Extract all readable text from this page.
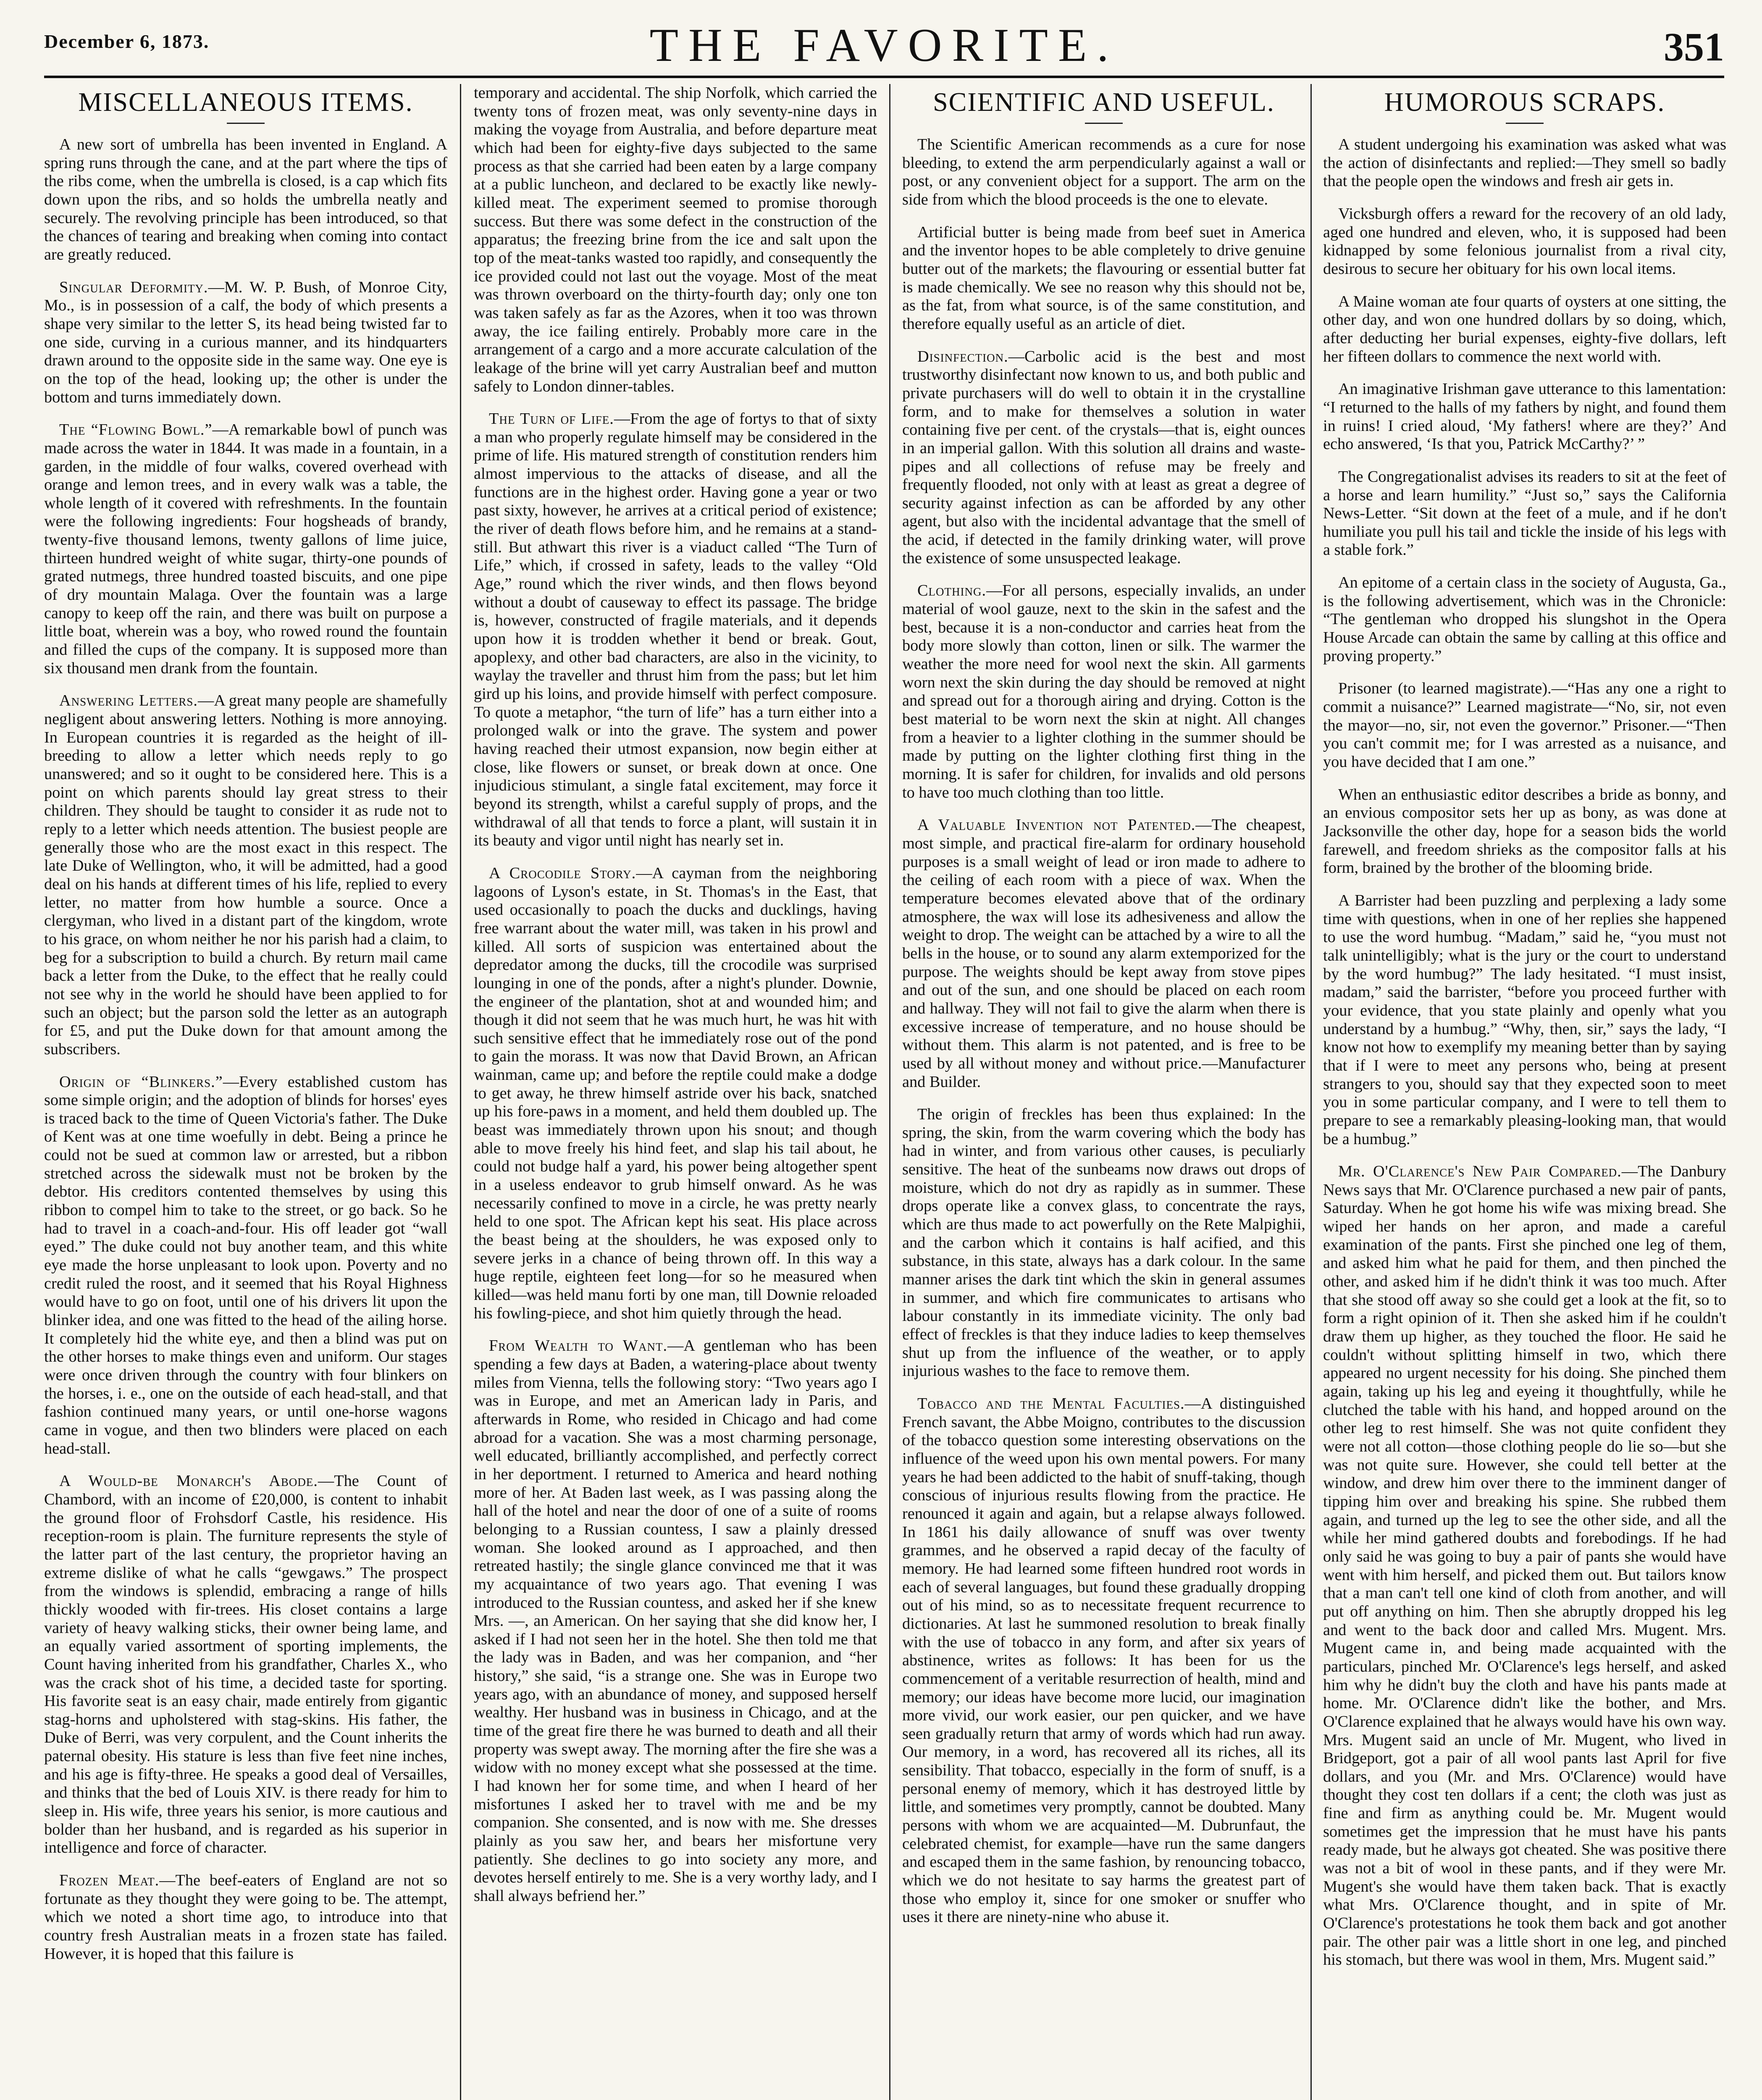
December 6, 1873.	THE FAVORITE.	351
MISCELLANEOUS ITEMS.

A new sort of umbrella has been invented in England. A spring runs through the cane, and at the part where the tips of the ribs come, when the umbrella is closed, is a cap which fits down upon the ribs, and so holds the umbrella neatly and securely. The revolving principle has been introduced, so that the chances of tearing and breaking when coming into contact are greatly reduced.

Singular Deformity.—M. W. P. Bush, of Monroe City, Mo., is in possession of a calf, the body of which presents a shape very similar to the letter S, its head being twisted far to one side, curving in a curious manner, and its hindquarters drawn around to the opposite side in the same way. One eye is on the top of the head, looking up; the other is under the bottom and turns immediately down.

The “Flowing Bowl.”—A remarkable bowl of punch was made across the water in 1844. It was made in a fountain, in a garden, in the middle of four walks, covered overhead with orange and lemon trees, and in every walk was a table, the whole length of it covered with refreshments. In the fountain were the following ingredients: Four hogsheads of brandy, twenty-five thousand lemons, twenty gallons of lime juice, thirteen hundred weight of white sugar, thirty-one pounds of grated nutmegs, three hundred toasted biscuits, and one pipe of dry mountain Malaga. Over the fountain was a large canopy to keep off the rain, and there was built on purpose a little boat, wherein was a boy, who rowed round the fountain and filled the cups of the company. It is supposed more than six thousand men drank from the fountain.

Answering Letters.—A great many people are shamefully negligent about answering letters. Nothing is more annoying. In European countries it is regarded as the height of ill-breeding to allow a letter which needs reply to go unanswered; and so it ought to be considered here. This is a point on which parents should lay great stress to their children. They should be taught to consider it as rude not to reply to a letter which needs attention. The busiest people are generally those who are the most exact in this respect. The late Duke of Wellington, who, it will be admitted, had a good deal on his hands at different times of his life, replied to every letter, no matter from how humble a source. Once a clergyman, who lived in a distant part of the kingdom, wrote to his grace, on whom neither he nor his parish had a claim, to beg for a subscription to build a church. By return mail came back a letter from the Duke, to the effect that he really could not see why in the world he should have been applied to for such an object; but the parson sold the letter as an autograph for £5, and put the Duke down for that amount among the subscribers.

Origin of “Blinkers.”—Every established custom has some simple origin; and the adoption of blinds for horses' eyes is traced back to the time of Queen Victoria's father. The Duke of Kent was at one time woefully in debt. Being a prince he could not be sued at common law or arrested, but a ribbon stretched across the sidewalk must not be broken by the debtor. His creditors contented themselves by using this ribbon to compel him to take to the street, or go back. So he had to travel in a coach-and-four. His off leader got “wall eyed.” The duke could not buy another team, and this white eye made the horse unpleasant to look upon. Poverty and no credit ruled the roost, and it seemed that his Royal Highness would have to go on foot, until one of his drivers lit upon the blinker idea, and one was fitted to the head of the ailing horse. It completely hid the white eye, and then a blind was put on the other horses to make things even and uniform. Our stages were once driven through the country with four blinkers on the horses, i. e., one on the outside of each head-stall, and that fashion continued many years, or until one-horse wagons came in vogue, and then two blinders were placed on each head-stall.

A Would-be Monarch's Abode.—The Count of Chambord, with an income of £20,000, is content to inhabit the ground floor of Frohsdorf Castle, his residence. His reception-room is plain. The furniture represents the style of the latter part of the last century, the proprietor having an extreme dislike of what he calls “gewgaws.” The prospect from the windows is splendid, embracing a range of hills thickly wooded with fir-trees. His closet contains a large variety of heavy walking sticks, their owner being lame, and an equally varied assortment of sporting implements, the Count having inherited from his grandfather, Charles X., who was the crack shot of his time, a decided taste for sporting. His favorite seat is an easy chair, made entirely from gigantic stag-horns and upholstered with stag-skins. His father, the Duke of Berri, was very corpulent, and the Count inherits the paternal obesity. His stature is less than five feet nine inches, and his age is fifty-three. He speaks a good deal of Versailles, and thinks that the bed of Louis XIV. is there ready for him to sleep in. His wife, three years his senior, is more cautious and bolder than her husband, and is regarded as his superior in intelligence and force of character.

Frozen Meat.—The beef-eaters of England are not so fortunate as they thought they were going to be. The attempt, which we noted a short time ago, to introduce into that country fresh Australian meats in a frozen state has failed. However, it is hoped that this failure is

temporary and accidental. The ship Norfolk, which carried the twenty tons of frozen meat, was only seventy-nine days in making the voyage from Australia, and before departure meat which had been for eighty-five days subjected to the same process as that she carried had been eaten by a large company at a public luncheon, and declared to be exactly like newly-killed meat. The experiment seemed to promise thorough success. But there was some defect in the construction of the apparatus; the freezing brine from the ice and salt upon the top of the meat-tanks wasted too rapidly, and consequently the ice provided could not last out the voyage. Most of the meat was thrown overboard on the thirty-fourth day; only one ton was taken safely as far as the Azores, when it too was thrown away, the ice failing entirely. Probably more care in the arrangement of a cargo and a more accurate calculation of the leakage of the brine will yet carry Australian beef and mutton safely to London dinner-tables.

The Turn of Life.—From the age of fortys to that of sixty a man who properly regulate himself may be considered in the prime of life. His matured strength of constitution renders him almost impervious to the attacks of disease, and all the functions are in the highest order. Having gone a year or two past sixty, however, he arrives at a critical period of existence; the river of death flows before him, and he remains at a stand-still. But athwart this river is a viaduct called “The Turn of Life,” which, if crossed in safety, leads to the valley “Old Age,” round which the river winds, and then flows beyond without a doubt of causeway to effect its passage. The bridge is, however, constructed of fragile materials, and it depends upon how it is trodden whether it bend or break. Gout, apoplexy, and other bad characters, are also in the vicinity, to waylay the traveller and thrust him from the pass; but let him gird up his loins, and provide himself with perfect composure. To quote a metaphor, “the turn of life” has a turn either into a prolonged walk or into the grave. The system and power having reached their utmost expansion, now begin either at close, like flowers or sunset, or break down at once. One injudicious stimulant, a single fatal excitement, may force it beyond its strength, whilst a careful supply of props, and the withdrawal of all that tends to force a plant, will sustain it in its beauty and vigor until night has nearly set in.

A Crocodile Story.—A cayman from the neighboring lagoons of Lyson's estate, in St. Thomas's in the East, that used occasionally to poach the ducks and ducklings, having free warrant about the water mill, was taken in his prowl and killed. All sorts of suspicion was entertained about the depredator among the ducks, till the crocodile was surprised lounging in one of the ponds, after a night's plunder. Downie, the engineer of the plantation, shot at and wounded him; and though it did not seem that he was much hurt, he was hit with such sensitive effect that he immediately rose out of the pond to gain the morass. It was now that David Brown, an African wainman, came up; and before the reptile could make a dodge to get away, he threw himself astride over his back, snatched up his fore-paws in a moment, and held them doubled up. The beast was immediately thrown upon his snout; and though able to move freely his hind feet, and slap his tail about, he could not budge half a yard, his power being altogether spent in a useless endeavor to grub himself onward. As he was necessarily confined to move in a circle, he was pretty nearly held to one spot. The African kept his seat. His place across the beast being at the shoulders, he was exposed only to severe jerks in a chance of being thrown off. In this way a huge reptile, eighteen feet long—for so he measured when killed—was held manu forti by one man, till Downie reloaded his fowling-piece, and shot him quietly through the head.

From Wealth to Want.—A gentleman who has been spending a few days at Baden, a watering-place about twenty miles from Vienna, tells the following story: “Two years ago I was in Europe, and met an American lady in Paris, and afterwards in Rome, who resided in Chicago and had come abroad for a vacation. She was a most charming personage, well educated, brilliantly accomplished, and perfectly correct in her deportment. I returned to America and heard nothing more of her. At Baden last week, as I was passing along the hall of the hotel and near the door of one of a suite of rooms belonging to a Russian countess, I saw a plainly dressed woman. She looked around as I approached, and then retreated hastily; the single glance convinced me that it was my acquaintance of two years ago. That evening I was introduced to the Russian countess, and asked her if she knew Mrs. —, an American. On her saying that she did know her, I asked if I had not seen her in the hotel. She then told me that the lady was in Baden, and was her companion, and “her history,” she said, “is a strange one. She was in Europe two years ago, with an abundance of money, and supposed herself wealthy. Her husband was in business in Chicago, and at the time of the great fire there he was burned to death and all their property was swept away. The morning after the fire she was a widow with no money except what she possessed at the time. I had known her for some time, and when I heard of her misfortunes I asked her to travel with me and be my companion. She consented, and is now with me. She dresses plainly as you saw her, and bears her misfortune very patiently. She declines to go into society any more, and devotes herself entirely to me. She is a very worthy lady, and I shall always befriend her.”

SCIENTIFIC AND USEFUL.

The Scientific American recommends as a cure for nose bleeding, to extend the arm perpendicularly against a wall or post, or any convenient object for a support. The arm on the side from which the blood proceeds is the one to elevate.

Artificial butter is being made from beef suet in America and the inventor hopes to be able completely to drive genuine butter out of the markets; the flavouring or essential butter fat is made chemically. We see no reason why this should not be, as the fat, from what source, is of the same constitution, and therefore equally useful as an article of diet.

Disinfection.—Carbolic acid is the best and most trustworthy disinfectant now known to us, and both public and private purchasers will do well to obtain it in the crystalline form, and to make for themselves a solution in water containing five per cent. of the crystals—that is, eight ounces in an imperial gallon. With this solution all drains and waste-pipes and all collections of refuse may be freely and frequently flooded, not only with at least as great a degree of security against infection as can be afforded by any other agent, but also with the incidental advantage that the smell of the acid, if detected in the family drinking water, will prove the existence of some unsuspected leakage.

Clothing.—For all persons, especially invalids, an under material of wool gauze, next to the skin in the safest and the best, because it is a non-conductor and carries heat from the body more slowly than cotton, linen or silk. The warmer the weather the more need for wool next the skin. All garments worn next the skin during the day should be removed at night and spread out for a thorough airing and drying. Cotton is the best material to be worn next the skin at night. All changes from a heavier to a lighter clothing in the summer should be made by putting on the lighter clothing first thing in the morning. It is safer for children, for invalids and old persons to have too much clothing than too little.

A Valuable Invention not Patented.—The cheapest, most simple, and practical fire-alarm for ordinary household purposes is a small weight of lead or iron made to adhere to the ceiling of each room with a piece of wax. When the temperature becomes elevated above that of the ordinary atmosphere, the wax will lose its adhesiveness and allow the weight to drop. The weight can be attached by a wire to all the bells in the house, or to sound any alarm extemporized for the purpose. The weights should be kept away from stove pipes and out of the sun, and one should be placed on each room and hallway. They will not fail to give the alarm when there is excessive increase of temperature, and no house should be without them. This alarm is not patented, and is free to be used by all without money and without price.—Manufacturer and Builder.

The origin of freckles has been thus explained: In the spring, the skin, from the warm covering which the body has had in winter, and from various other causes, is peculiarly sensitive. The heat of the sunbeams now draws out drops of moisture, which do not dry as rapidly as in summer. These drops operate like a convex glass, to concentrate the rays, which are thus made to act powerfully on the Rete Malpighii, and the carbon which it contains is half acified, and this substance, in this state, always has a dark colour. In the same manner arises the dark tint which the skin in general assumes in summer, and which fire communicates to artisans who labour constantly in its immediate vicinity. The only bad effect of freckles is that they induce ladies to keep themselves shut up from the influence of the weather, or to apply injurious washes to the face to remove them.

Tobacco and the Mental Faculties.—A distinguished French savant, the Abbe Moigno, contributes to the discussion of the tobacco question some interesting observations on the influence of the weed upon his own mental powers. For many years he had been addicted to the habit of snuff-taking, though conscious of injurious results flowing from the practice. He renounced it again and again, but a relapse always followed. In 1861 his daily allowance of snuff was over twenty grammes, and he observed a rapid decay of the faculty of memory. He had learned some fifteen hundred root words in each of several languages, but found these gradually dropping out of his mind, so as to necessitate frequent recurrence to dictionaries. At last he summoned resolution to break finally with the use of tobacco in any form, and after six years of abstinence, writes as follows: It has been for us the commencement of a veritable resurrection of health, mind and memory; our ideas have become more lucid, our imagination more vivid, our work easier, our pen quicker, and we have seen gradually return that army of words which had run away. Our memory, in a word, has recovered all its riches, all its sensibility. That tobacco, especially in the form of snuff, is a personal enemy of memory, which it has destroyed little by little, and sometimes very promptly, cannot be doubted. Many persons with whom we are acquainted—M. Dubrunfaut, the celebrated chemist, for example—have run the same dangers and escaped them in the same fashion, by renouncing tobacco, which we do not hesitate to say harms the greatest part of those who employ it, since for one smoker or snuffer who uses it there are ninety-nine who abuse it.

HUMOROUS SCRAPS.

A student undergoing his examination was asked what was the action of disinfectants and replied:—They smell so badly that the people open the windows and fresh air gets in.

Vicksburgh offers a reward for the recovery of an old lady, aged one hundred and eleven, who, it is supposed had been kidnapped by some felonious journalist from a rival city, desirous to secure her obituary for his own local items.

A Maine woman ate four quarts of oysters at one sitting, the other day, and won one hundred dollars by so doing, which, after deducting her burial expenses, eighty-five dollars, left her fifteen dollars to commence the next world with.

An imaginative Irishman gave utterance to this lamentation: “I returned to the halls of my fathers by night, and found them in ruins! I cried aloud, ‘My fathers! where are they?’ And echo answered, ‘Is that you, Patrick McCarthy?’ ”

The Congregationalist advises its readers to sit at the feet of a horse and learn humility.” “Just so,” says the California News-Letter. “Sit down at the feet of a mule, and if he don't humiliate you pull his tail and tickle the inside of his legs with a stable fork.”

An epitome of a certain class in the society of Augusta, Ga., is the following advertisement, which was in the Chronicle: “The gentleman who dropped his slungshot in the Opera House Arcade can obtain the same by calling at this office and proving property.”

Prisoner (to learned magistrate).—“Has any one a right to commit a nuisance?” Learned magistrate—“No, sir, not even the mayor—no, sir, not even the governor.” Prisoner.—“Then you can't commit me; for I was arrested as a nuisance, and you have decided that I am one.”

When an enthusiastic editor describes a bride as bonny, and an envious compositor sets her up as bony, as was done at Jacksonville the other day, hope for a season bids the world farewell, and freedom shrieks as the compositor falls at his form, brained by the brother of the blooming bride.

A Barrister had been puzzling and perplexing a lady some time with questions, when in one of her replies she happened to use the word humbug. “Madam,” said he, “you must not talk unintelligibly; what is the jury or the court to understand by the word humbug?” The lady hesitated. “I must insist, madam,” said the barrister, “before you proceed further with your evidence, that you state plainly and openly what you understand by a humbug.” “Why, then, sir,” says the lady, “I know not how to exemplify my meaning better than by saying that if I were to meet any persons who, being at present strangers to you, should say that they expected soon to meet you in some particular company, and I were to tell them to prepare to see a remarkably pleasing-looking man, that would be a humbug.”

Mr. O'Clarence's New Pair Compared.—The Danbury News says that Mr. O'Clarence purchased a new pair of pants, Saturday. When he got home his wife was mixing bread. She wiped her hands on her apron, and made a careful examination of the pants. First she pinched one leg of them, and asked him what he paid for them, and then pinched the other, and asked him if he didn't think it was too much. After that she stood off away so she could get a look at the fit, so to form a right opinion of it. Then she asked him if he couldn't draw them up higher, as they touched the floor. He said he couldn't without splitting himself in two, which there appeared no urgent necessity for his doing. She pinched them again, taking up his leg and eyeing it thoughtfully, while he clutched the table with his hand, and hopped around on the other leg to rest himself. She was not quite confident they were not all cotton—those clothing people do lie so—but she was not quite sure. However, she could tell better at the window, and drew him over there to the imminent danger of tipping him over and breaking his spine. She rubbed them again, and turned up the leg to see the other side, and all the while her mind gathered doubts and forebodings. If he had only said he was going to buy a pair of pants she would have went with him herself, and picked them out. But tailors know that a man can't tell one kind of cloth from another, and will put off anything on him. Then she abruptly dropped his leg and went to the back door and called Mrs. Mugent. Mrs. Mugent came in, and being made acquainted with the particulars, pinched Mr. O'Clarence's legs herself, and asked him why he didn't buy the cloth and have his pants made at home. Mr. O'Clarence didn't like the bother, and Mrs. O'Clarence explained that he always would have his own way. Mrs. Mugent said an uncle of Mr. Mugent, who lived in Bridgeport, got a pair of all wool pants last April for five dollars, and you (Mr. and Mrs. O'Clarence) would have thought they cost ten dollars if a cent; the cloth was just as fine and firm as anything could be. Mr. Mugent would sometimes get the impression that he must have his pants ready made, but he always got cheated. She was positive there was not a bit of wool in these pants, and if they were Mr. Mugent's she would have them taken back. That is exactly what Mrs. O'Clarence thought, and in spite of Mr. O'Clarence's protestations he took them back and got another pair. The other pair was a little short in one leg, and pinched his stomach, but there was wool in them, Mrs. Mugent said.”
